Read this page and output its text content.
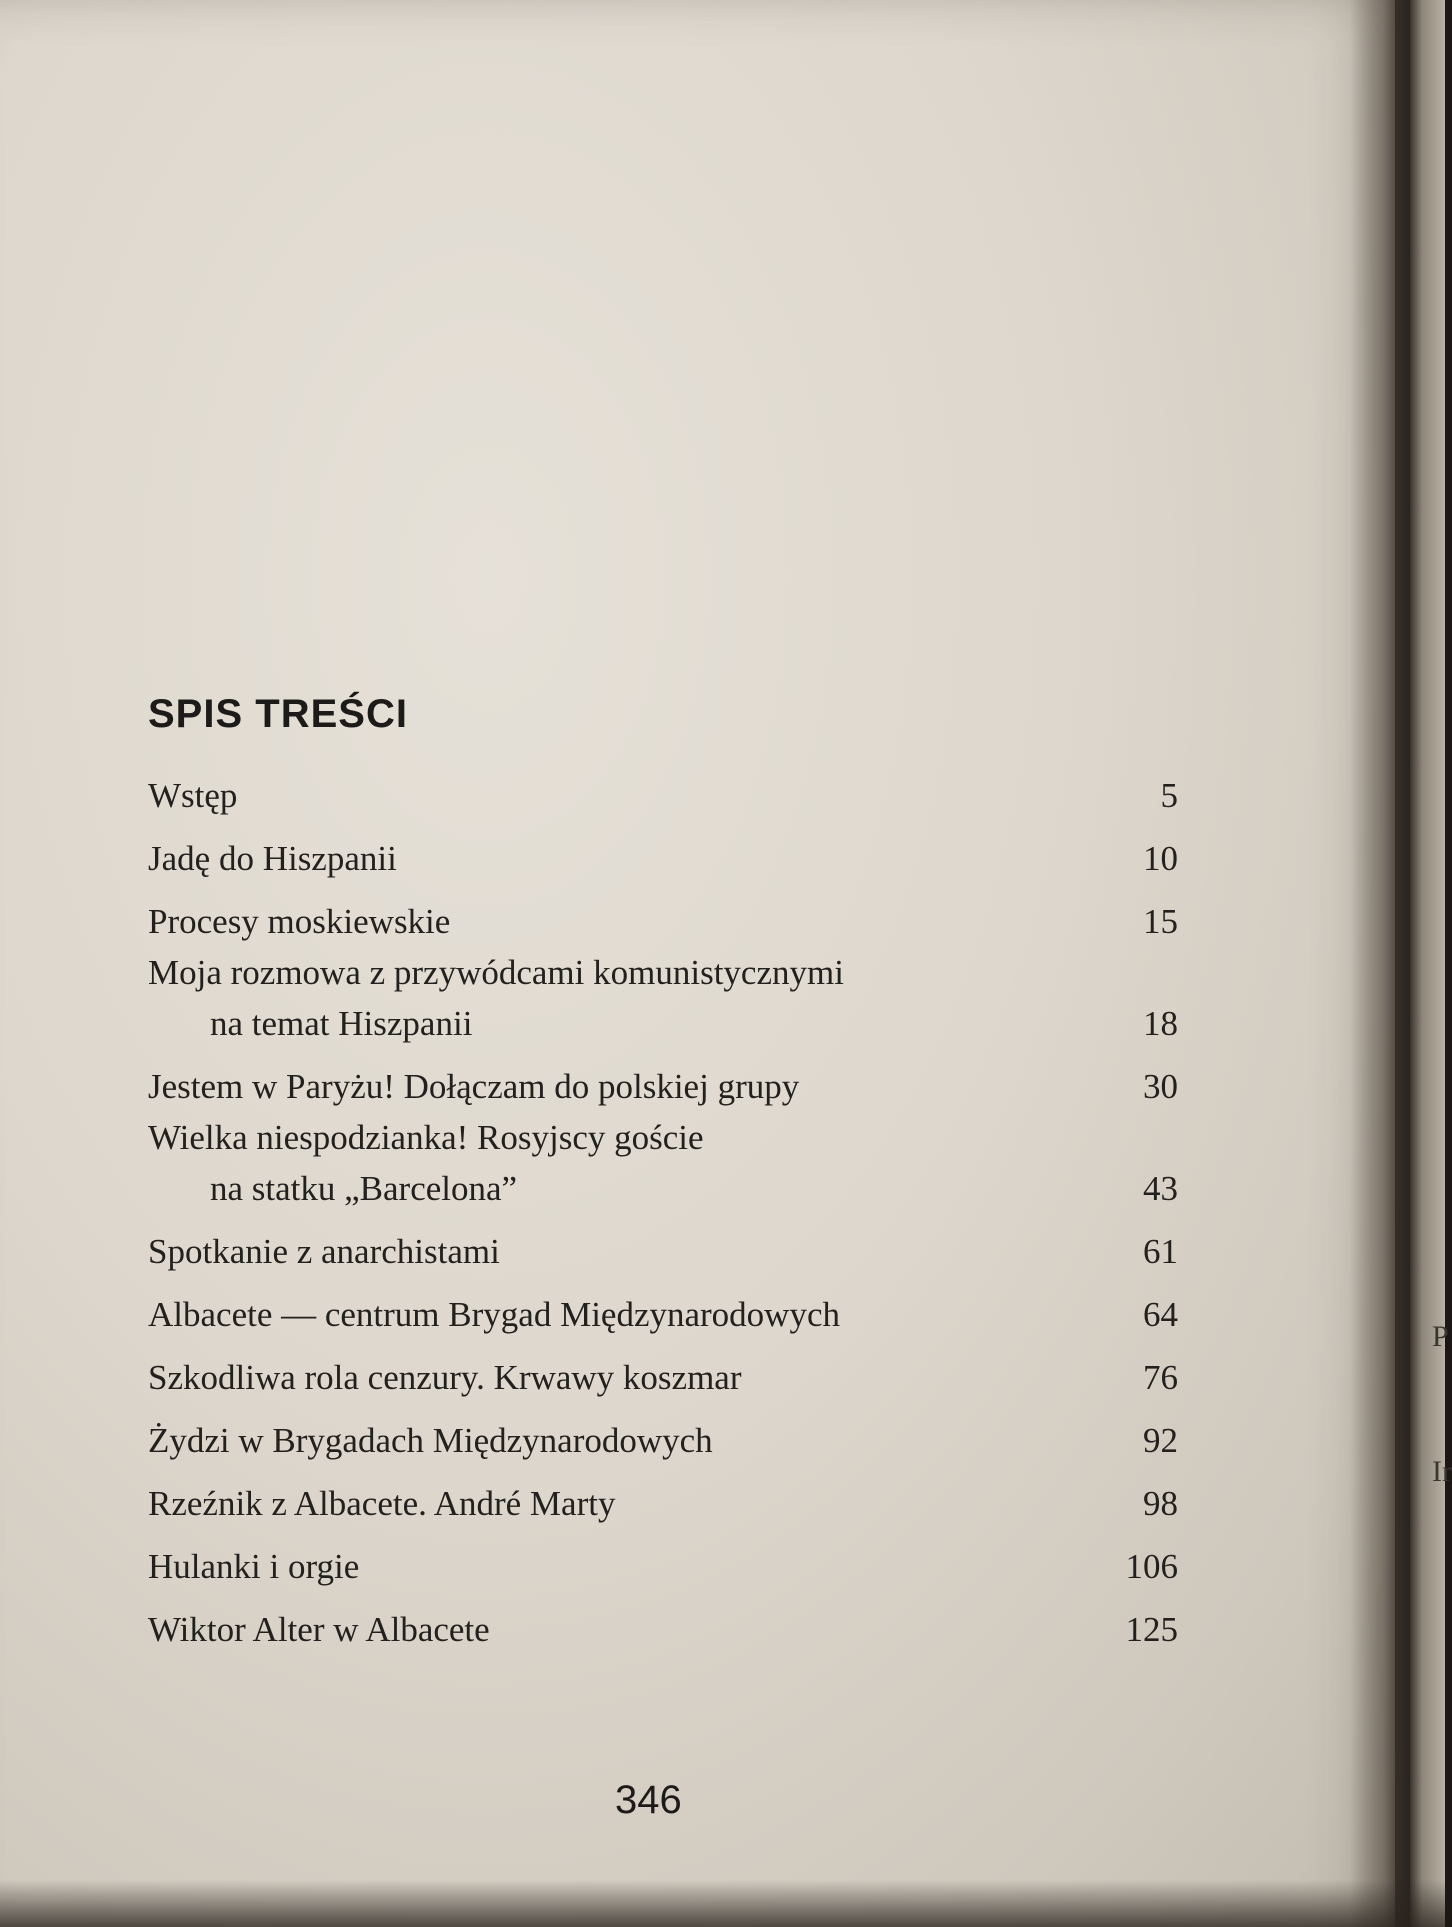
P
Ir
SPIS TREŚCI
Wstęp	5
Jadę do Hiszpanii	10
Procesy moskiewskie	15
Moja rozmowa z przywódcami komunistycznymi
na temat Hiszpanii	18
Jestem w Paryżu! Dołączam do polskiej grupy	30
Wielka niespodzianka! Rosyjscy goście
na statku „Barcelona”	43
Spotkanie z anarchistami	61
Albacete — centrum Brygad Międzynarodowych	64
Szkodliwa rola cenzury. Krwawy koszmar	76
Żydzi w Brygadach Międzynarodowych	92
Rzeźnik z Albacete. André Marty	98
Hulanki i orgie	106
Wiktor Alter w Albacete	125
346
